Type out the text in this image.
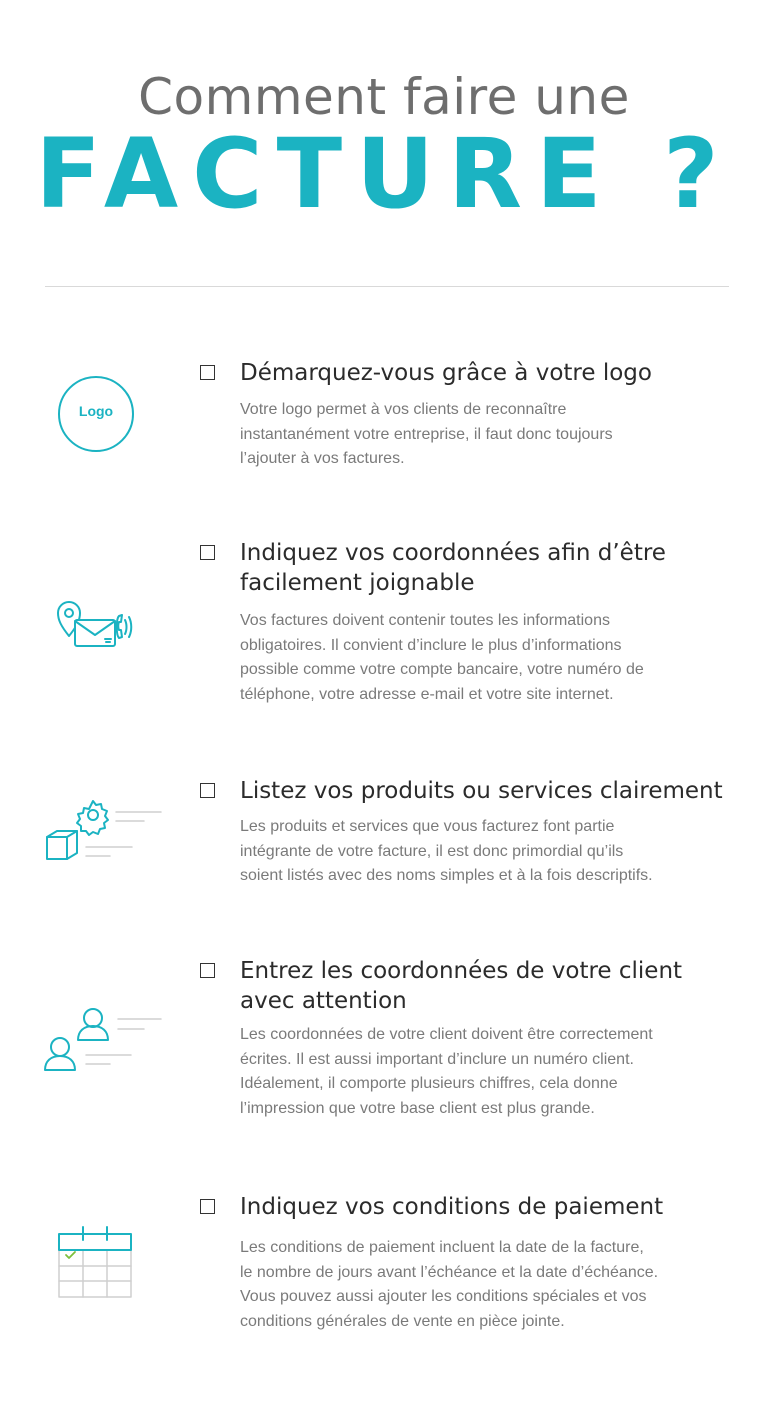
Comment faire une
FACTURE ?
Logo
Démarquez-vous grâce à votre logo
Votre logo permet à vos clients de reconnaître
instantanément votre entreprise, il faut donc toujours
l’ajouter à vos factures.
Indiquez vos coordonnées afin d’être
facilement joignable
Vos factures doivent contenir toutes les informations
obligatoires. Il convient d’inclure le plus d’informations
possible comme votre compte bancaire, votre numéro de
téléphone, votre adresse e-mail et votre site internet.
Listez vos produits ou services clairement
Les produits et services que vous facturez font partie
intégrante de votre facture, il est donc primordial qu’ils
soient listés avec des noms simples et à la fois descriptifs.
Entrez les coordonnées de votre client
avec attention
Les coordonnées de votre client doivent être correctement
écrites. Il est aussi important d’inclure un numéro client.
Idéalement, il comporte plusieurs chiffres, cela donne
l’impression que votre base client est plus grande.
Indiquez vos conditions de paiement
Les conditions de paiement incluent la date de la facture,
le nombre de jours avant l’échéance et la date d’échéance.
Vous pouvez aussi ajouter les conditions spéciales et vos
conditions générales de vente en pièce jointe.
